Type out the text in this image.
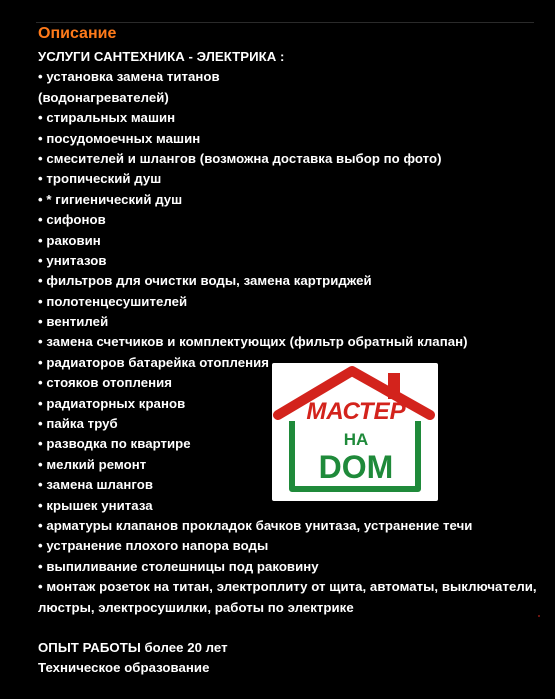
Описание
УСЛУГИ САНТЕХНИКА - ЭЛЕКТРИКА :
• установка замена титанов
(водонагревателей)
• стиральных машин
• посудомоечных машин
• смесителей и шлангов (возможна доставка выбор по фото)
• тропический душ
• * гигиенический душ
• сифонов
• раковин
• унитазов
• фильтров для очистки воды, замена картриджей
• полотенцесушителей
• вентилей
• замена счетчиков и комплектующих (фильтр обратный клапан)
• радиаторов батарейка отопления
• стояков отопления
• радиаторных кранов
• пайка труб
• разводка по квартире
• мелкий ремонт
• замена шлангов
• крышек унитаза
• арматуры клапанов прокладок бачков унитаза, устранение течи
• устранение плохого напора воды
• выпиливание столешницы под раковину
• монтаж розеток на титан, электроплиту от щита, автоматы, выключатели,
люстры, электросушилки, работы по электрике
ОПЫТ РАБОТЫ более 20 лет
Техническое образование
МАСТЕР
НА
DOM
